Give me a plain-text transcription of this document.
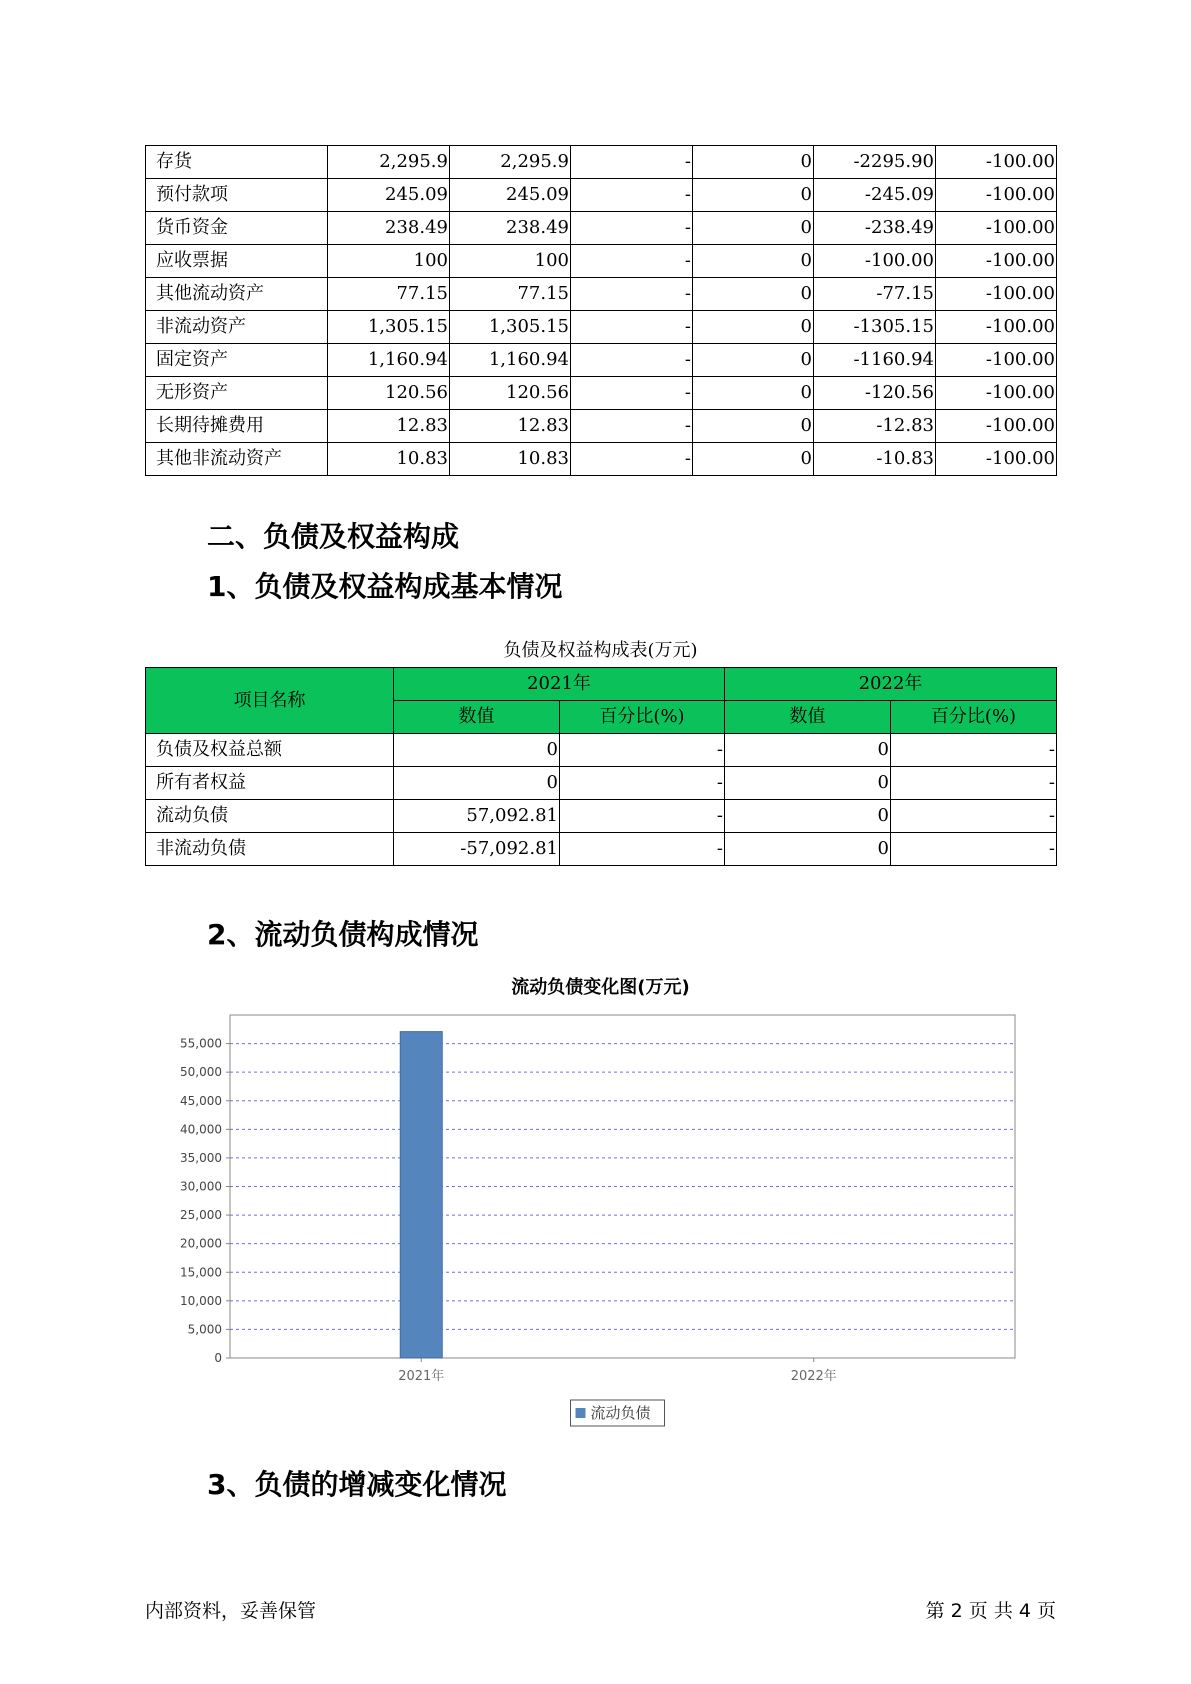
存货	2,295.9	2,295.9	-	0	-2295.90	-100.00
预付款项	245.09	245.09	-	0	-245.09	-100.00
货币资金	238.49	238.49	-	0	-238.49	-100.00
应收票据	100	100	-	0	-100.00	-100.00
其他流动资产	77.15	77.15	-	0	-77.15	-100.00
非流动资产	1,305.15	1,305.15	-	0	-1305.15	-100.00
固定资产	1,160.94	1,160.94	-	0	-1160.94	-100.00
无形资产	120.56	120.56	-	0	-120.56	-100.00
长期待摊费用	12.83	12.83	-	0	-12.83	-100.00
其他非流动资产	10.83	10.83	-	0	-10.83	-100.00
二、负债及权益构成
1、负债及权益构成基本情况
负债及权益构成表(万元)
项目名称	2021年		2022年	
	数值	百分比(%)	数值	百分比(%)
负债及权益总额	0	-	0	-
所有者权益	0	-	0	-
流动负债	57,092.81	-	0	-
非流动负债	-57,092.81	-	0	-
2、流动负债构成情况
流动负债变化图(万元)
0
5,000
10,000
15,000
20,000
25,000
30,000
35,000
40,000
45,000
50,000
55,000
2021年	2022年
流动负债
3、负债的增减变化情况
内部资料，妥善保管	第 2 页 共 4 页
